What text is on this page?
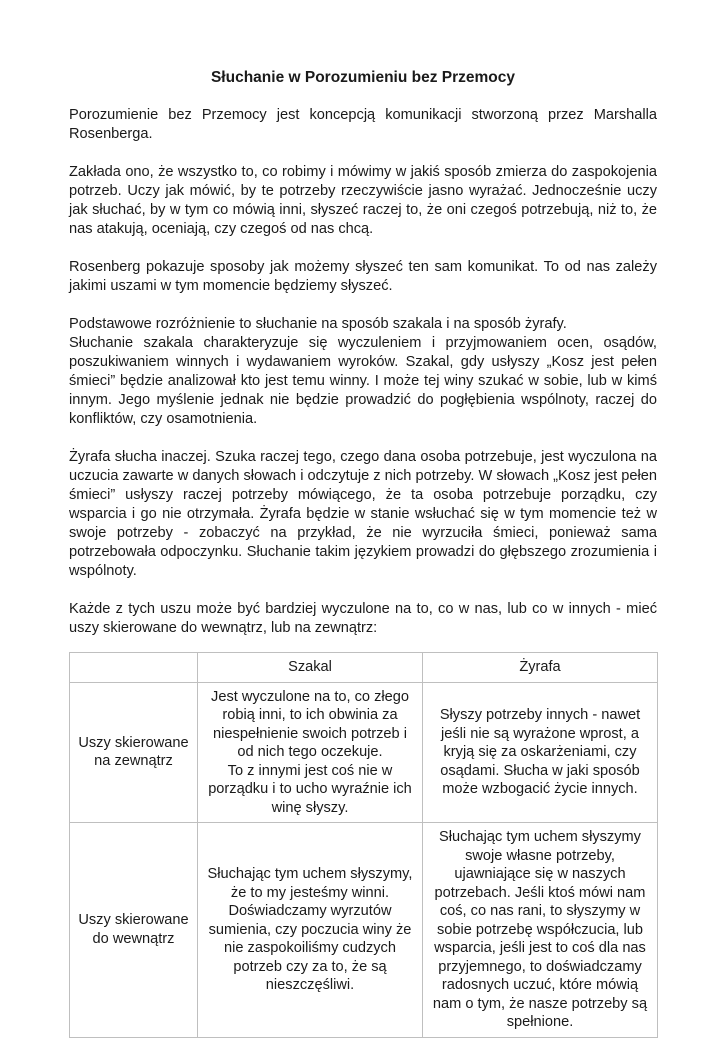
Słuchanie w Porozumieniu bez Przemocy

Porozumienie bez Przemocy jest koncepcją komunikacji stworzoną przez Marshalla Rosenberga.

Zakłada ono, że wszystko to, co robimy i mówimy w jakiś sposób zmierza do zaspokojenia potrzeb. Uczy jak mówić, by te potrzeby rzeczywiście jasno wyrażać. Jednocześnie uczy jak słuchać, by w tym co mówią inni, słyszeć raczej to, że oni czegoś potrzebują, niż to, że nas atakują, oceniają, czy czegoś od nas chcą.

Rosenberg pokazuje sposoby jak możemy słyszeć ten sam komunikat. To od nas zależy jakimi uszami w tym momencie będziemy słyszeć.

Podstawowe rozróżnienie to słuchanie na sposób szakala i na sposób żyrafy.
Słuchanie szakala charakteryzuje się wyczuleniem i przyjmowaniem ocen, osądów, poszukiwaniem winnych i wydawaniem wyroków. Szakal, gdy usłyszy „Kosz jest pełen śmieci” będzie analizował kto jest temu winny. I może tej winy szukać w sobie, lub w kimś innym. Jego myślenie jednak nie będzie prowadzić do pogłębienia wspólnoty, raczej do konfliktów, czy osamotnienia.

Żyrafa słucha inaczej. Szuka raczej tego, czego dana osoba potrzebuje, jest wyczulona na uczucia zawarte w danych słowach i odczytuje z nich potrzeby. W słowach „Kosz jest pełen śmieci” usłyszy raczej potrzeby mówiącego, że ta osoba potrzebuje porządku, czy wsparcia i go nie otrzymała. Żyrafa będzie w stanie wsłuchać się w tym momencie też w swoje potrzeby - zobaczyć na przykład, że nie wyrzuciła śmieci, ponieważ sama potrzebowała odpoczynku. Słuchanie takim językiem prowadzi do głębszego zrozumienia i wspólnoty.

Każde z tych uszu może być bardziej wyczulone na to, co w nas, lub co w innych - mieć uszy skierowane do wewnątrz, lub na zewnątrz:

	Szakal	Żyrafa
Uszy skierowane na zewnątrz	Jest wyczulone na to, co złego robią inni, to ich obwinia za niespełnienie swoich potrzeb i od nich tego oczekuje.
To z innymi jest coś nie w porządku i to ucho wyraźnie ich winę słyszy.	Słyszy potrzeby innych - nawet jeśli nie są wyrażone wprost, a kryją się za oskarżeniami, czy osądami. Słucha w jaki sposób może wzbogacić życie innych.
Uszy skierowane do wewnątrz	Słuchając tym uchem słyszymy, że to my jesteśmy winni. Doświadczamy wyrzutów sumienia, czy poczucia winy że nie zaspokoiliśmy cudzych potrzeb czy za to, że są nieszczęśliwi.	Słuchając tym uchem słyszymy swoje własne potrzeby, ujawniające się w naszych potrzebach. Jeśli ktoś mówi nam coś, co nas rani, to słyszymy w sobie potrzebę współczucia, lub wsparcia, jeśli jest to coś dla nas przyjemnego, to doświadczamy radosnych uczuć, które mówią nam o tym, że nasze potrzeby są spełnione.
